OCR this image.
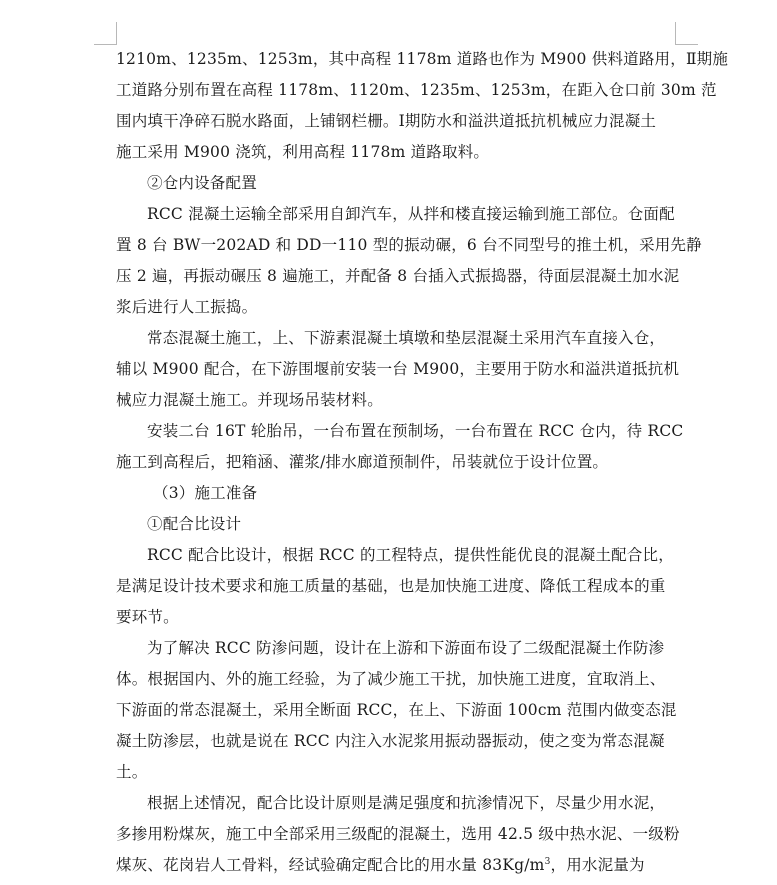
1210m、1235m、1253m，其中高程 1178m 道路也作为 M900 供料道路用，Ⅱ期施
工道路分别布置在高程 1178m、1120m、1235m、1253m，在距入仓口前 30m 范
围内填干净碎石脱水路面，上铺钢栏栅。Ⅰ期防水和溢洪道抵抗机械应力混凝土
施工采用 M900 浇筑，利用高程 1178m 道路取料。
②仓内设备配置
RCC 混凝土运输全部采用自卸汽车，从拌和楼直接运输到施工部位。仓面配
置 8 台 BW一202AD 和 DD一110 型的振动碾，6 台不同型号的推土机，采用先静
压 2 遍，再振动碾压 8 遍施工，并配备 8 台插入式振捣器，待面层混凝土加水泥
浆后进行人工振捣。
常态混凝土施工，上、下游素混凝土填墩和垫层混凝土采用汽车直接入仓，
辅以 M900 配合，在下游围堰前安装一台 M900，主要用于防水和溢洪道抵抗机
械应力混凝土施工。并现场吊装材料。
安装二台 16T 轮胎吊，一台布置在预制场，一台布置在 RCC 仓内，待 RCC
施工到高程后，把箱涵、灌浆/排水廊道预制件，吊装就位于设计位置。
（3）施工准备
①配合比设计
RCC 配合比设计，根据 RCC 的工程特点，提供性能优良的混凝土配合比，
是满足设计技术要求和施工质量的基础，也是加快施工进度、降低工程成本的重
要环节。
为了解决 RCC 防渗问题，设计在上游和下游面布设了二级配混凝土作防渗
体。根据国内、外的施工经验，为了减少施工干扰，加快施工进度，宜取消上、
下游面的常态混凝土，采用全断面 RCC，在上、下游面 100cm 范围内做变态混
凝土防渗层，也就是说在 RCC 内注入水泥浆用振动器振动，使之变为常态混凝
土。
根据上述情况，配合比设计原则是满足强度和抗渗情况下，尽量少用水泥，
多掺用粉煤灰，施工中全部采用三级配的混凝土，选用 42.5 级中热水泥、一级粉
煤灰、花岗岩人工骨料，经试验确定配合比的用水量 $83Kg/m^3$，用水泥量为
